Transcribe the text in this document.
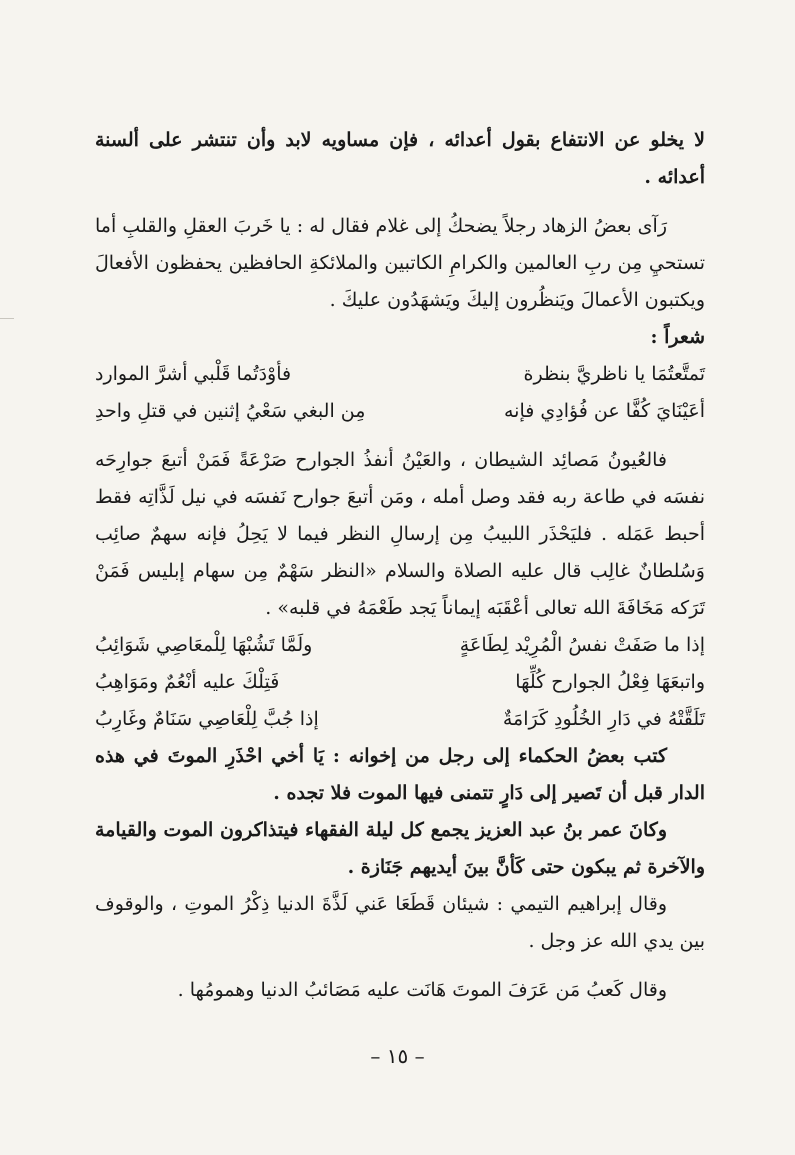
لا يخلو عن الانتفاع بقول أعدائه ، فإن مساويه لابد وأن تنتشر على ألسنة أعدائه .

رَآى بعضُ الزهاد رجلاً يضحكُ إلى غلام فقال له : يا خَربَ العقلِ والقلبِ أما تستحيِ مِن ربِ العالمين والكرامِ الكاتبين والملائكةِ الحافظين يحفظون الأفعالَ ويكتبون الأعمالَ ويَنظُرون إليكَ ويَشهَدُون عليكَ .

شعراً :

تَمتَّعتُمَا يا ناظريَّ بنظرة
فأوْدَتُما قَلْبي أشرَّ الموارد
أعَيْنَايَ كُفَّا عن فُؤادِي فإنه
مِن البغي سَعْيُ إثنين في قتلِ واحدِ

فالعُيونُ مَصائِد الشيطان ، والعَيْنُ أنفذُ الجوارح صَرْعَةً فَمَنْ أتبعَ جوارِحَه نفسَه في طاعة ربه فقد وصل أمله ، ومَن أتبعَ جوارح نَفسَه في نيل لَذَّاتِه فقط أحبط عَمَله . فليَحْذَر اللبيبُ مِن إرسالِ النظر فيما لا يَحِلُ فإنه سهمٌ صائِب وَسُلطانٌ غالِب قال عليه الصلاة والسلام «النظر سَهْمٌ مِن سهام إبليس فَمَنْ تَرَكه مَخَافَةَ الله تعالى أعْقَبَه إيماناً يَجد طَعْمَهُ في قلبه» .

إذا ما صَفَتْ نفسُ الْمُرِيْد لِطَاعَةٍ
ولَمَّا تَشُبْهَا لِلْمعَاصِي شَوَائِبُ
واتبعَهَا فِعْلُ الجوارح كُلِّهَا
فَتِلْكَ عليه أنْعُمٌ ومَوَاهِبُ
تَلَقَّتْهُ في دَارِ الخُلُودِ كَرَامَةٌ
إذا جُبَّ لِلْعَاصِي سَنَامٌ وغَارِبُ

كتب بعضُ الحكماء إلى رجل من إخوانه : يَا أخي احْذَرِ الموتَ في هذه الدار قبل أن تَصير إلى دَارٍ تتمنى فيها الموت فلا تجده .

وكانَ عمر بنُ عبد العزيز يجمع كل ليلة الفقهاء فيتذاكرون الموت والقيامة والآخرة ثم يبكون حتى كَأنَّ بينَ أيديهم جَنَازة .

وقال إبراهيم التيمي : شيئان قَطَعَا عَني لَذَّةَ الدنيا ذِكْرُ الموتِ ، والوقوف بين يدي الله عز وجل .

وقال كَعبُ مَن عَرَفَ الموتَ هَانَت عليه مَصَائبُ الدنيا وهمومُها .

– ١٥ –
